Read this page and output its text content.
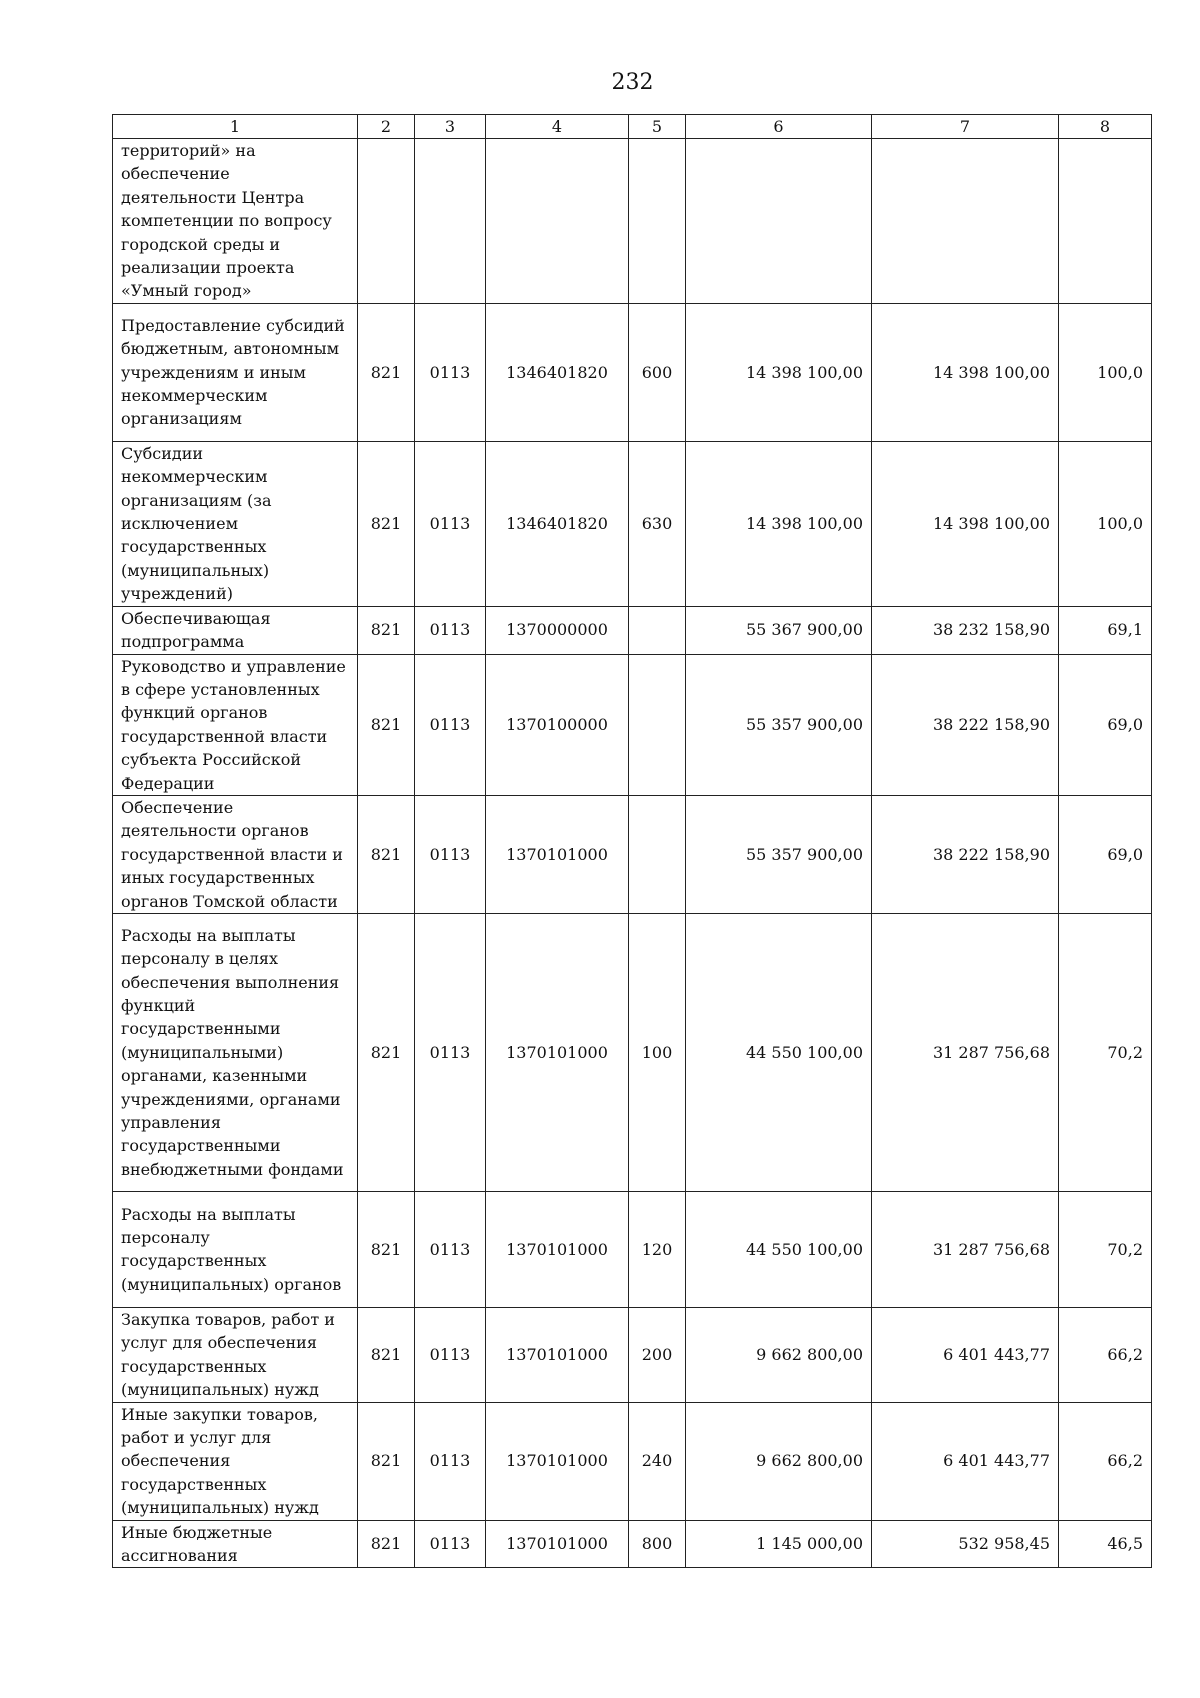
232
1	2	3	4	5	6	7	8
территорий» на обеспечение деятельности Центра компетенции по вопросу городской среды и реализации проекта «Умный город»							
Предоставление субсидий бюджетным, автономным учреждениям и иным некоммерческим организациям	821	0113	1346401820	600	14 398 100,00	14 398 100,00	100,0
Субсидии некоммерческим организациям (за исключением государственных (муниципальных) учреждений)	821	0113	1346401820	630	14 398 100,00	14 398 100,00	100,0
Обеспечивающая подпрограмма	821	0113	1370000000		55 367 900,00	38 232 158,90	69,1
Руководство и управление в сфере установленных функций органов государственной власти субъекта Российской Федерации	821	0113	1370100000		55 357 900,00	38 222 158,90	69,0
Обеспечение деятельности органов государственной власти и иных государственных органов Томской области	821	0113	1370101000		55 357 900,00	38 222 158,90	69,0
Расходы на выплаты персоналу в целях обеспечения выполнения функций государственными (муниципальными) органами, казенными учреждениями, органами управления государственными внебюджетными фондами	821	0113	1370101000	100	44 550 100,00	31 287 756,68	70,2
Расходы на выплаты персоналу государственных (муниципальных) органов	821	0113	1370101000	120	44 550 100,00	31 287 756,68	70,2
Закупка товаров, работ и услуг для обеспечения государственных (муниципальных) нужд	821	0113	1370101000	200	9 662 800,00	6 401 443,77	66,2
Иные закупки товаров, работ и услуг для обеспечения государственных (муниципальных) нужд	821	0113	1370101000	240	9 662 800,00	6 401 443,77	66,2
Иные бюджетные ассигнования	821	0113	1370101000	800	1 145 000,00	532 958,45	46,5
